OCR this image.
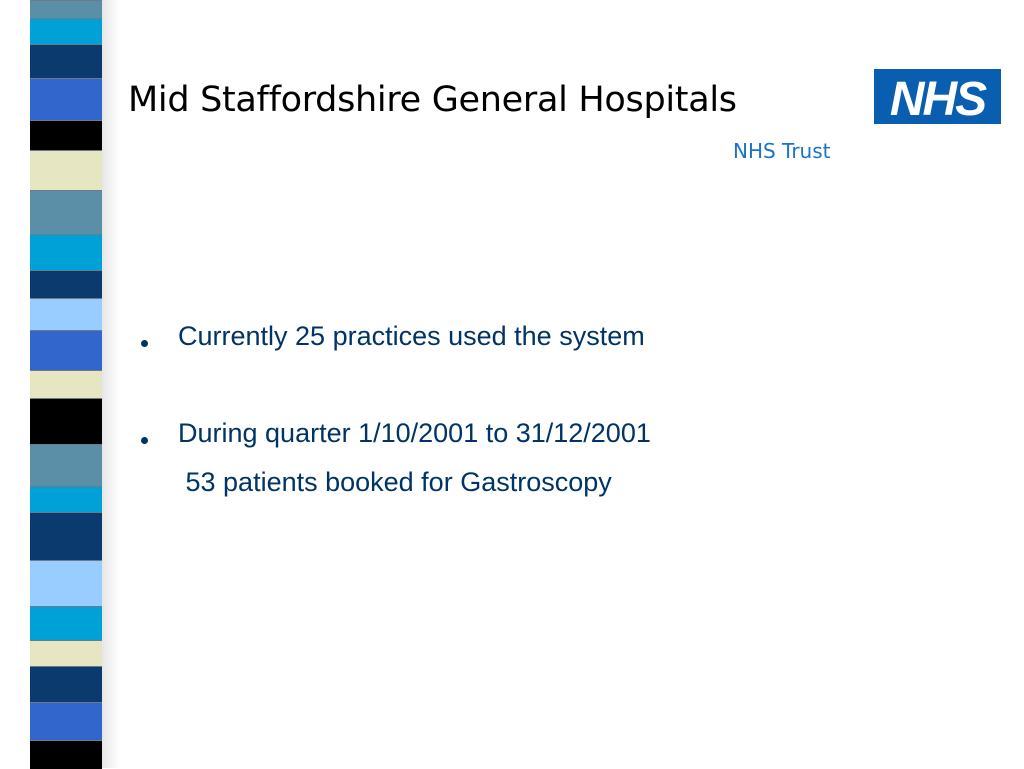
Mid Staffordshire General Hospitals
NHS Trust
NHS
Currently 25 practices used the system
During quarter 1/10/2001 to 31/12/2001
53 patients booked for Gastroscopy
